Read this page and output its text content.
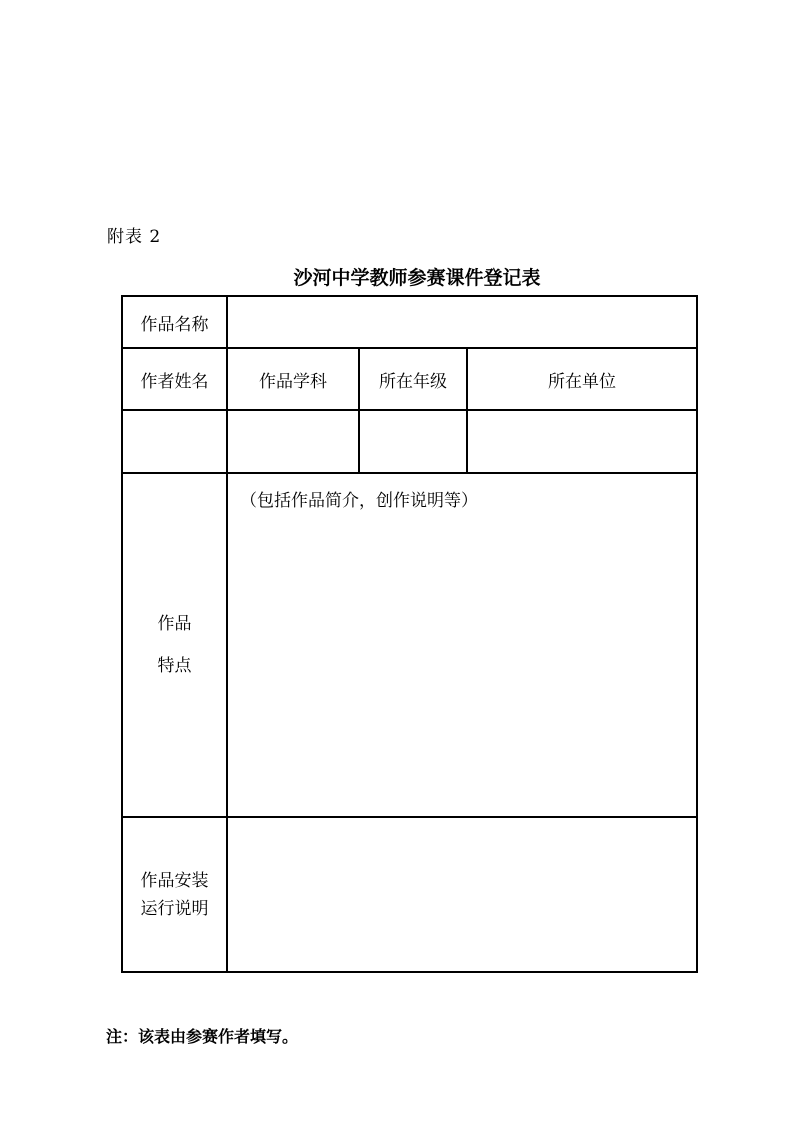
附表 2
沙河中学教师参赛课件登记表
作品名称			
作者姓名	作品学科	所在年级	所在单位

作品
特点	（包括作品简介，创作说明等）		

作品安装
运行说明			

注：该表由参赛作者填写。
